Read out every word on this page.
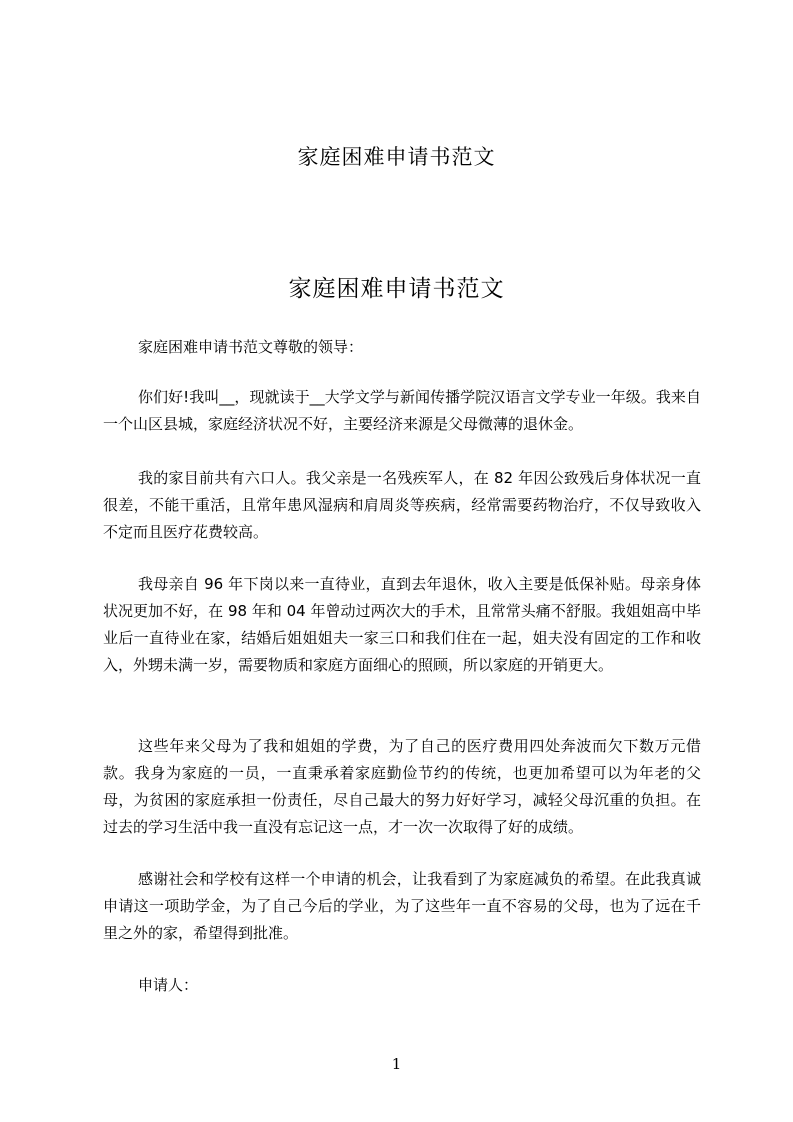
家庭困难申请书范文
家庭困难申请书范文

家庭困难申请书范文尊敬的领导：

你们好!我叫__，现就读于__大学文学与新闻传播学院汉语言文学专业一年级。我来自一个山区县城，家庭经济状况不好，主要经济来源是父母微薄的退休金。

我的家目前共有六口人。我父亲是一名残疾军人，在 82 年因公致残后身体状况一直很差，不能干重活，且常年患风湿病和肩周炎等疾病，经常需要药物治疗，不仅导致收入不定而且医疗花费较高。

我母亲自 96 年下岗以来一直待业，直到去年退休，收入主要是低保补贴。母亲身体状况更加不好，在 98 年和 04 年曾动过两次大的手术，且常常头痛不舒服。我姐姐高中毕业后一直待业在家，结婚后姐姐姐夫一家三口和我们住在一起，姐夫没有固定的工作和收入，外甥未满一岁，需要物质和家庭方面细心的照顾，所以家庭的开销更大。

这些年来父母为了我和姐姐的学费，为了自己的医疗费用四处奔波而欠下数万元借款。我身为家庭的一员，一直秉承着家庭勤俭节约的传统，也更加希望可以为年老的父母，为贫困的家庭承担一份责任，尽自己最大的努力好好学习，减轻父母沉重的负担。在过去的学习生活中我一直没有忘记这一点，才一次一次取得了好的成绩。

感谢社会和学校有这样一个申请的机会，让我看到了为家庭减负的希望。在此我真诚申请这一项助学金，为了自己今后的学业，为了这些年一直不容易的父母，也为了远在千里之外的家，希望得到批准。

申请人：

1
